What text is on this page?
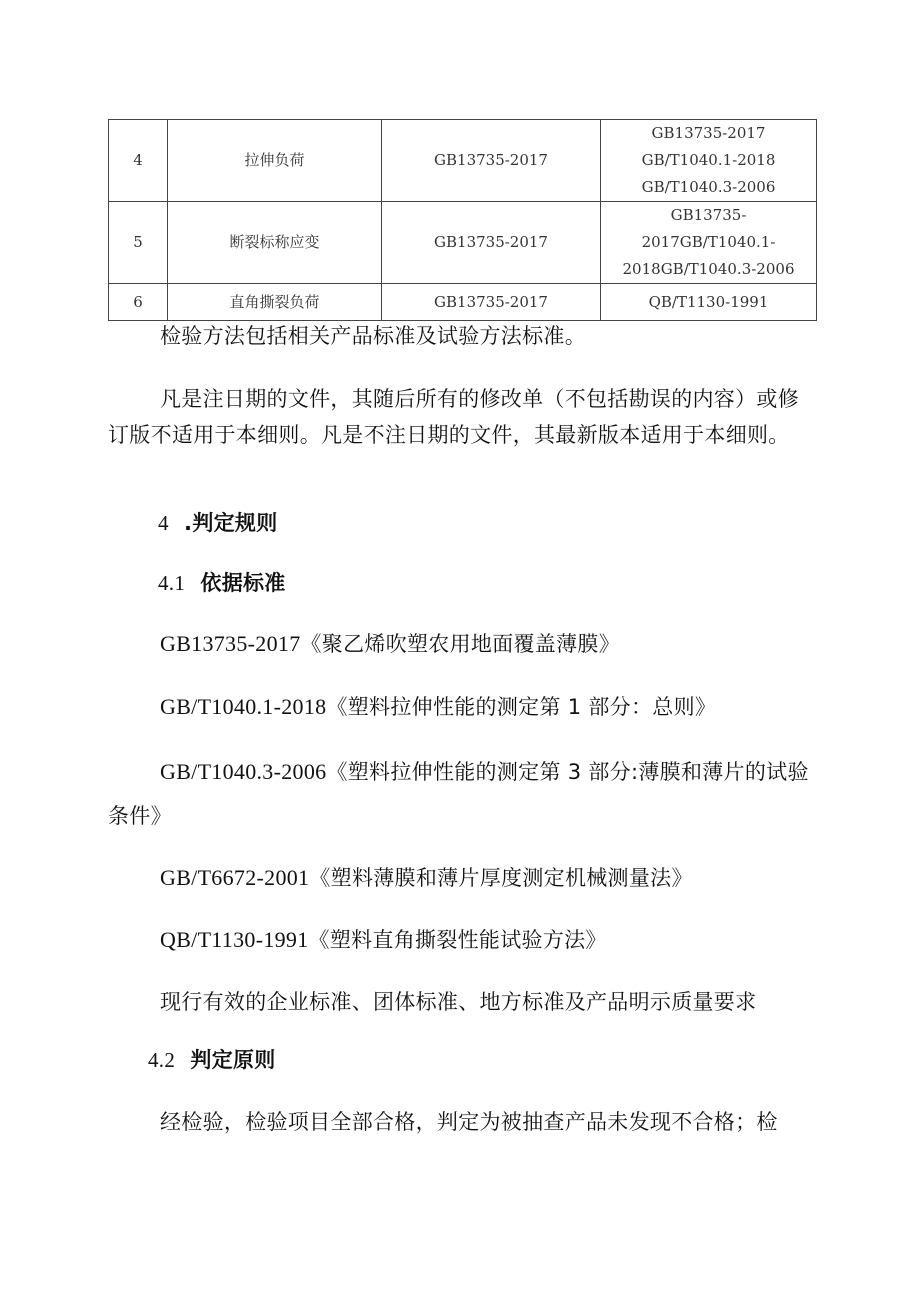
4	拉伸负荷	GB13735-2017	GB13735-2017
GB/T1040.1-2018
GB/T1040.3-2006

5	断裂标称应变	GB13735-2017	GB13735-
2017GB/T1040.1-
2018GB/T1040.3-2006

6	直角撕裂负荷	GB13735-2017	QB/T1130-1991

检验方法包括相关产品标准及试验方法标准。

凡是注日期的文件，其随后所有的修改单（不包括勘误的内容）或修订版不适用于本细则。凡是不注日期的文件，其最新版本适用于本细则。

4 .判定规则

4.1 依据标准

GB13735-2017《聚乙烯吹塑农用地面覆盖薄膜》

GB/T1040.1-2018《塑料拉伸性能的测定第 1 部分：总则》

GB/T1040.3-2006《塑料拉伸性能的测定第 3 部分:薄膜和薄片的试验条件》

GB/T6672-2001《塑料薄膜和薄片厚度测定机械测量法》

QB/T1130-1991《塑料直角撕裂性能试验方法》

现行有效的企业标准、团体标准、地方标准及产品明示质量要求

4.2 判定原则

经检验，检验项目全部合格，判定为被抽查产品未发现不合格；检
